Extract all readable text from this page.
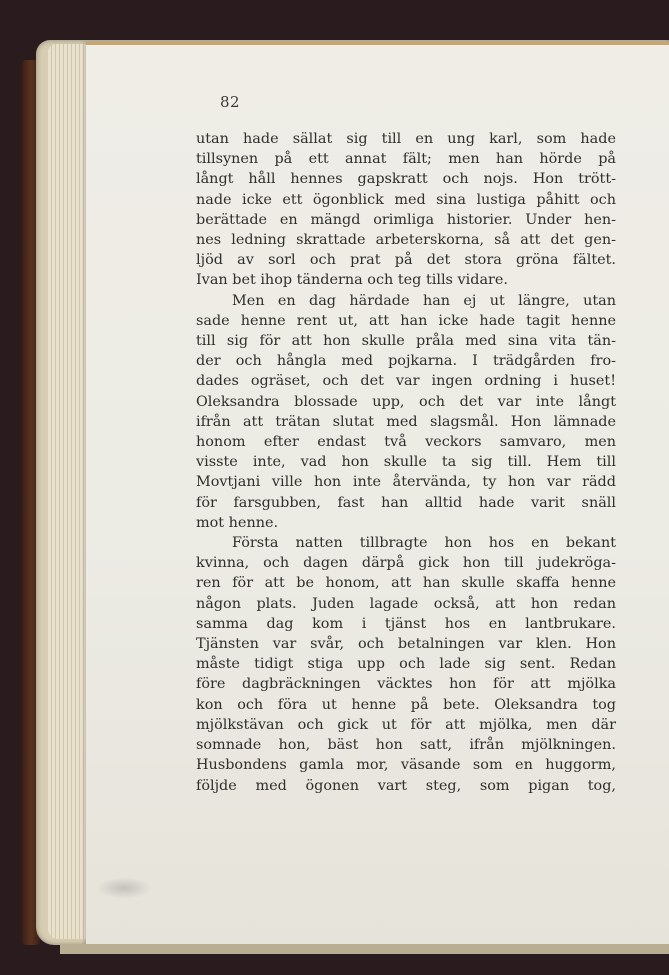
82
utan hade sällat sig till en ung karl, som hade
tillsynen på ett annat fält; men han hörde på
långt håll hennes gapskratt och nojs. Hon trött-
nade icke ett ögonblick med sina lustiga påhitt och
berättade en mängd orimliga historier. Under hen-
nes ledning skrattade arbeterskorna, så att det gen-
ljöd av sorl och prat på det stora gröna fältet.
Ivan bet ihop tänderna och teg tills vidare.
Men en dag härdade han ej ut längre, utan
sade henne rent ut, att han icke hade tagit henne
till sig för att hon skulle pråla med sina vita tän-
der och hångla med pojkarna. I trädgården fro-
dades ogräset, och det var ingen ordning i huset!
Oleksandra blossade upp, och det var inte långt
ifrån att trätan slutat med slagsmål. Hon lämnade
honom efter endast två veckors samvaro, men
visste inte, vad hon skulle ta sig till. Hem till
Movtjani ville hon inte återvända, ty hon var rädd
för farsgubben, fast han alltid hade varit snäll
mot henne.
Första natten tillbragte hon hos en bekant
kvinna, och dagen därpå gick hon till judekröga-
ren för att be honom, att han skulle skaffa henne
någon plats. Juden lagade också, att hon redan
samma dag kom i tjänst hos en lantbrukare.
Tjänsten var svår, och betalningen var klen. Hon
måste tidigt stiga upp och lade sig sent. Redan
före dagbräckningen väcktes hon för att mjölka
kon och föra ut henne på bete. Oleksandra tog
mjölkstävan och gick ut för att mjölka, men där
somnade hon, bäst hon satt, ifrån mjölkningen.
Husbondens gamla mor, väsande som en huggorm,
följde med ögonen vart steg, som pigan tog,
